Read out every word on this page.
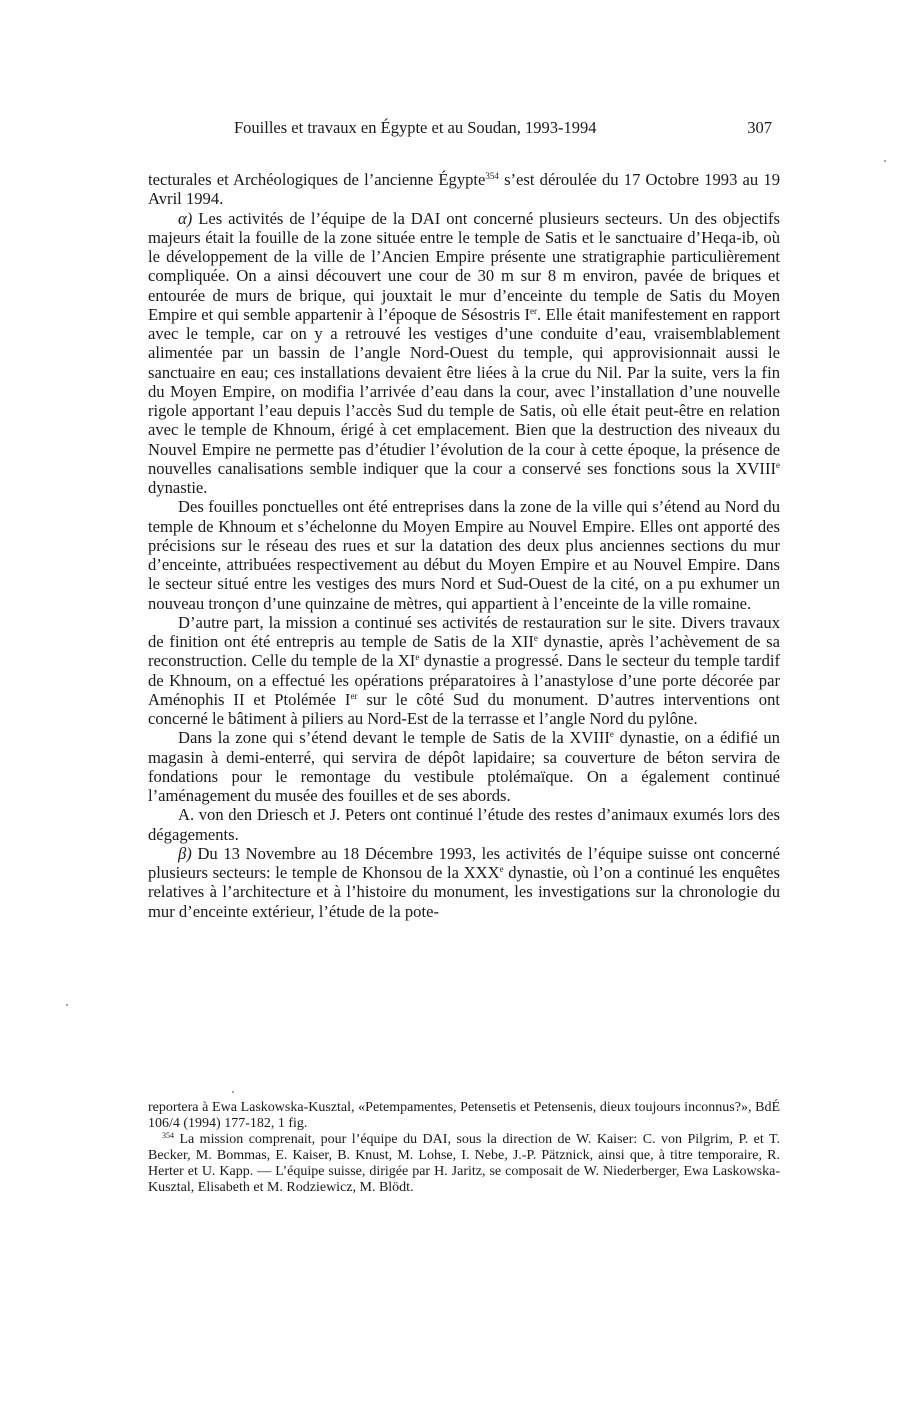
Fouilles et travaux en Égypte et au Soudan, 1993-1994	307

tecturales et Archéologiques de l’ancienne Égypte$^{354}$ s’est déroulée du 17 Octobre 1993 au 19 Avril 1994.

α) Les activités de l’équipe de la DAI ont concerné plusieurs secteurs. Un des objectifs majeurs était la fouille de la zone située entre le temple de Satis et le sanctuaire d’Heqa-ib, où le développement de la ville de l’Ancien Empire présente une stratigraphie particulièrement compliquée. On a ainsi découvert une cour de 30 m sur 8 m environ, pavée de briques et entourée de murs de brique, qui jouxtait le mur d’enceinte du temple de Satis du Moyen Empire et qui semble appartenir à l’époque de Sésostris Ier. Elle était manifestement en rapport avec le temple, car on y a retrouvé les vestiges d’une conduite d’eau, vraisemblablement alimentée par un bassin de l’angle Nord-Ouest du temple, qui approvisionnait aussi le sanctuaire en eau; ces installations devaient être liées à la crue du Nil. Par la suite, vers la fin du Moyen Empire, on modifia l’arrivée d’eau dans la cour, avec l’installation d’une nouvelle rigole apportant l’eau depuis l’accès Sud du temple de Satis, où elle était peut-être en relation avec le temple de Khnoum, érigé à cet emplacement. Bien que la destruction des niveaux du Nouvel Empire ne permette pas d’étudier l’évolution de la cour à cette époque, la présence de nouvelles canalisations semble indiquer que la cour a conservé ses fonctions sous la XVIIIe dynastie.

Des fouilles ponctuelles ont été entreprises dans la zone de la ville qui s’étend au Nord du temple de Khnoum et s’échelonne du Moyen Empire au Nouvel Empire. Elles ont apporté des précisions sur le réseau des rues et sur la datation des deux plus anciennes sections du mur d’enceinte, attribuées respectivement au début du Moyen Empire et au Nouvel Empire. Dans le secteur situé entre les vestiges des murs Nord et Sud-Ouest de la cité, on a pu exhumer un nouveau tronçon d’une quinzaine de mètres, qui appartient à l’enceinte de la ville romaine.

D’autre part, la mission a continué ses activités de restauration sur le site. Divers travaux de finition ont été entrepris au temple de Satis de la XIIe dynastie, après l’achèvement de sa reconstruction. Celle du temple de la XIe dynastie a progressé. Dans le secteur du temple tardif de Khnoum, on a effectué les opérations préparatoires à l’anastylose d’une porte décorée par Aménophis II et Ptolémée Ier sur le côté Sud du monument. D’autres interventions ont concerné le bâtiment à piliers au Nord-Est de la terrasse et l’angle Nord du pylône.

Dans la zone qui s’étend devant le temple de Satis de la XVIIIe dynastie, on a édifié un magasin à demi-enterré, qui servira de dépôt lapidaire; sa couverture de béton servira de fondations pour le remontage du vestibule ptolémaïque. On a également continué l’aménagement du musée des fouilles et de ses abords.

A. von den Driesch et J. Peters ont continué l’étude des restes d’animaux exumés lors des dégagements.

β) Du 13 Novembre au 18 Décembre 1993, les activités de l’équipe suisse ont concerné plusieurs secteurs: le temple de Khonsou de la XXXe dynastie, où l’on a continué les enquêtes relatives à l’architecture et à l’histoire du monument, les investigations sur la chronologie du mur d’enceinte extérieur, l’étude de la pote-

reportera à Ewa Laskowska-Kusztal, «Petempamentes, Petensetis et Petensenis, dieux toujours inconnus?», BdÉ 106/4 (1994) 177-182, 1 fig.

$^{354}$ La mission comprenait, pour l’équipe du DAI, sous la direction de W. Kaiser: C. von Pilgrim, P. et T. Becker, M. Bommas, E. Kaiser, B. Knust, M. Lohse, I. Nebe, J.-P. Pätznick, ainsi que, à titre temporaire, R. Herter et U. Kapp. — L’équipe suisse, dirigée par H. Jaritz, se composait de W. Niederberger, Ewa Laskowska-Kusztal, Elisabeth et M. Rodziewicz, M. Blödt.
